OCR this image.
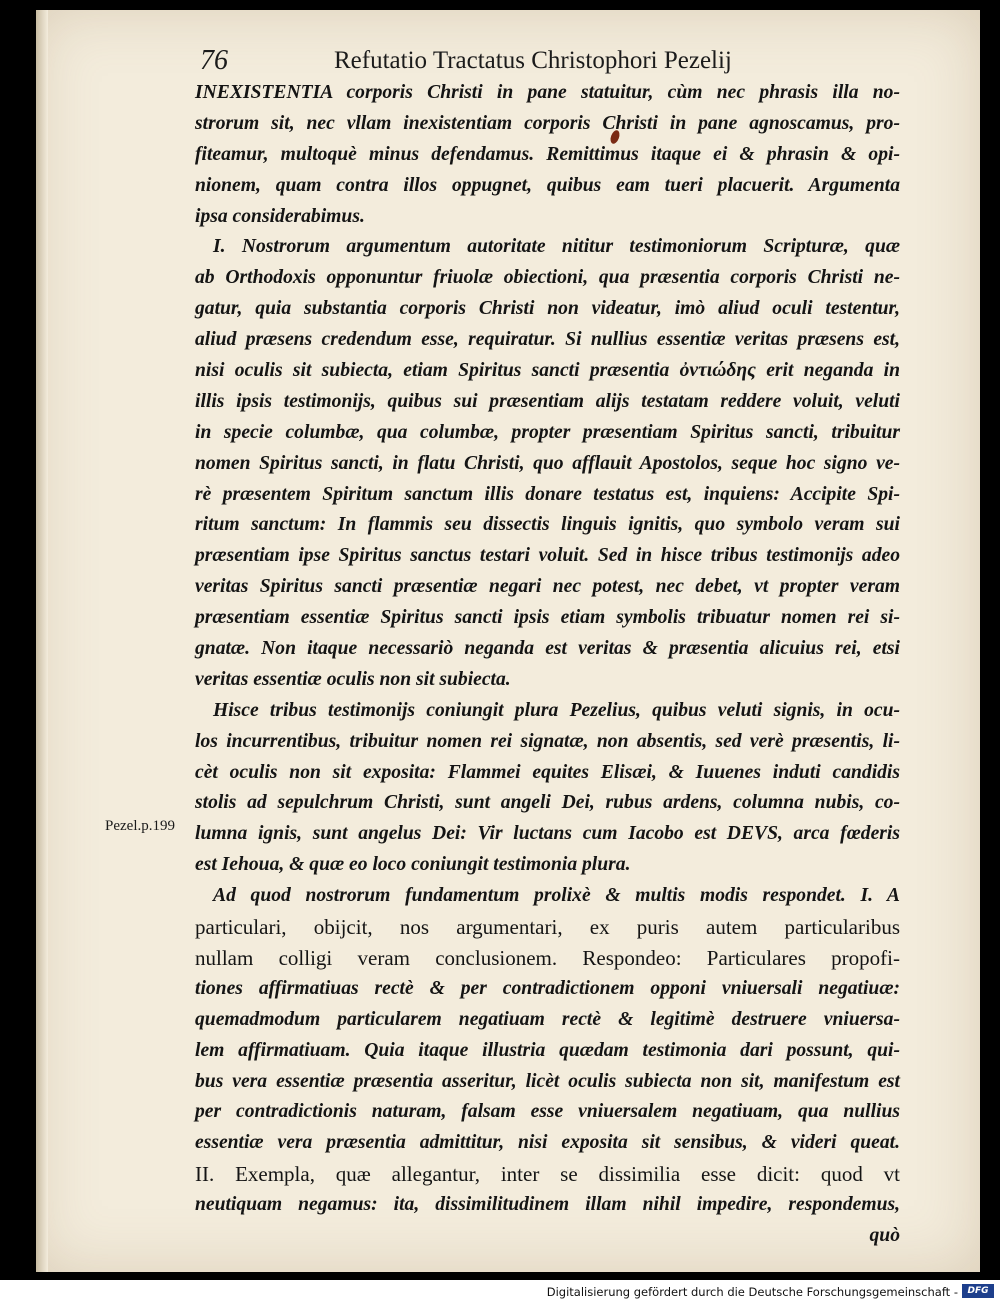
76	Refutatio Tractatus Christophori Pezelij
Pezel.p.199
INEXISTENTIA corporis Christi in pane statuitur, cùm nec phrasis illa no-
strorum sit, nec vllam inexistentiam corporis Christi in pane agnoscamus, pro-
fiteamur, multoquè minus defendamus. Remittimus itaque ei & phrasin & opi-
nionem, quam contra illos oppugnet, quibus eam tueri placuerit. Argumenta
ipsa considerabimus.
I. Nostrorum argumentum autoritate nititur testimoniorum Scripturæ, quæ
ab Orthodoxis opponuntur friuolæ obiectioni, qua præsentia corporis Christi ne-
gatur, quia substantia corporis Christi non videatur, imò aliud oculi testentur,
aliud præsens credendum esse, requiratur. Si nullius essentiæ veritas præsens est,
nisi oculis sit subiecta, etiam Spiritus sancti præsentia ὀντιώδης erit neganda in
illis ipsis testimonijs, quibus sui præsentiam alijs testatam reddere voluit, veluti
in specie columbæ, qua columbæ, propter præsentiam Spiritus sancti, tribuitur
nomen Spiritus sancti, in flatu Christi, quo afflauit Apostolos, seque hoc signo ve-
rè præsentem Spiritum sanctum illis donare testatus est, inquiens: Accipite Spi-
ritum sanctum: In flammis seu dissectis linguis ignitis, quo symbolo veram sui
præsentiam ipse Spiritus sanctus testari voluit. Sed in hisce tribus testimonijs adeo
veritas Spiritus sancti præsentiæ negari nec potest, nec debet, vt propter veram
præsentiam essentiæ Spiritus sancti ipsis etiam symbolis tribuatur nomen rei si-
gnatæ. Non itaque necessariò neganda est veritas & præsentia alicuius rei, etsi
veritas essentiæ oculis non sit subiecta.
Hisce tribus testimonijs coniungit plura Pezelius, quibus veluti signis, in ocu-
los incurrentibus, tribuitur nomen rei signatæ, non absentis, sed verè præsentis, li-
cèt oculis non sit exposita: Flammei equites Elisæi, & Iuuenes induti candidis
stolis ad sepulchrum Christi, sunt angeli Dei, rubus ardens, columna nubis, co-
lumna ignis, sunt angelus Dei: Vir luctans cum Iacobo est DEVS, arca fœderis
est Iehoua, & quæ eo loco coniungit testimonia plura.
Ad quod nostrorum fundamentum prolixè & multis modis respondet. I. A
particulari, obijcit, nos argumentari, ex puris autem particularibus
nullam colligi veram conclusionem. Respondeo: Particulares propofi-
tiones affirmatiuas rectè & per contradictionem opponi vniuersali negatiuæ:
quemadmodum particularem negatiuam rectè & legitimè destruere vniuersa-
lem affirmatiuam. Quia itaque illustria quædam testimonia dari possunt, qui-
bus vera essentiæ præsentia asseritur, licèt oculis subiecta non sit, manifestum est
per contradictionis naturam, falsam esse vniuersalem negatiuam, qua nullius
essentiæ vera præsentia admittitur, nisi exposita sit sensibus, & videri queat.
II. Exempla, quæ allegantur, inter se dissimilia esse dicit: quod vt
neutiquam negamus: ita, dissimilitudinem illam nihil impedire, respondemus,
quò
Digitalisierung gefördert durch die Deutsche Forschungsgemeinschaft -	DFG
